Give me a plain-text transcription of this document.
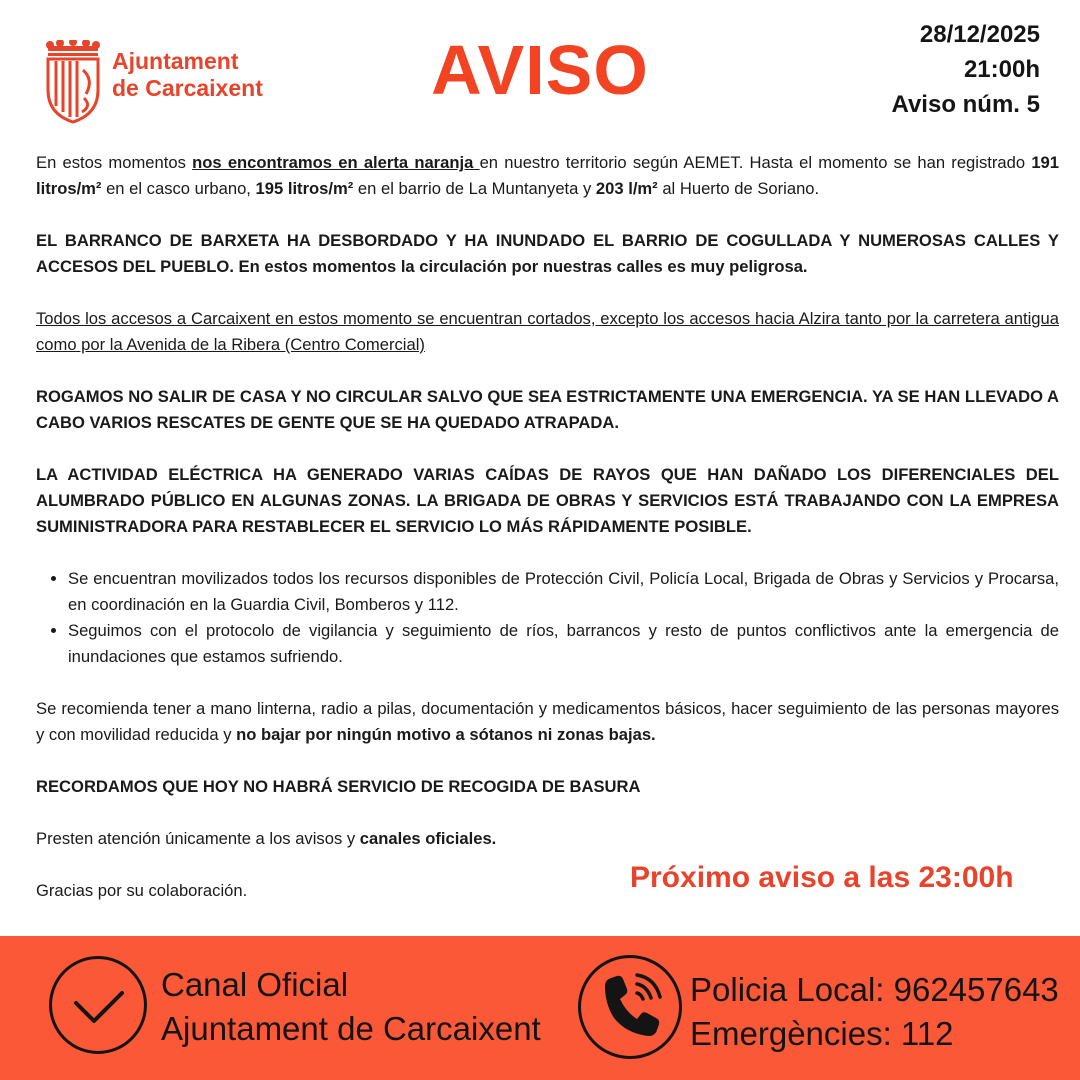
Ajuntament
de Carcaixent	AVISO	28/12/2025
21:00h
Aviso núm. 5

En estos momentos nos encontramos en alerta naranja en nuestro territorio según AEMET. Hasta el momento se han registrado 191 litros/m² en el casco urbano, 195 litros/m² en el barrio de La Muntanyeta y 203 l/m² al Huerto de Soriano.

EL BARRANCO DE BARXETA HA DESBORDADO Y HA INUNDADO EL BARRIO DE COGULLADA Y NUMEROSAS CALLES Y ACCESOS DEL PUEBLO. En estos momentos la circulación por nuestras calles es muy peligrosa.

Todos los accesos a Carcaixent en estos momento se encuentran cortados, excepto los accesos hacia Alzira tanto por la carretera antigua como por la Avenida de la Ribera (Centro Comercial)

ROGAMOS NO SALIR DE CASA Y NO CIRCULAR SALVO QUE SEA ESTRICTAMENTE UNA EMERGENCIA. YA SE HAN LLEVADO A CABO VARIOS RESCATES DE GENTE QUE SE HA QUEDADO ATRAPADA.

LA ACTIVIDAD ELÉCTRICA HA GENERADO VARIAS CAÍDAS DE RAYOS QUE HAN DAÑADO LOS DIFERENCIALES DEL ALUMBRADO PÚBLICO EN ALGUNAS ZONAS. LA BRIGADA DE OBRAS Y SERVICIOS ESTÁ TRABAJANDO CON LA EMPRESA SUMINISTRADORA PARA RESTABLECER EL SERVICIO LO MÁS RÁPIDAMENTE POSIBLE.

• Se encuentran movilizados todos los recursos disponibles de Protección Civil, Policía Local, Brigada de Obras y Servicios y Procarsa, en coordinación en la Guardia Civil, Bomberos y 112.
• Seguimos con el protocolo de vigilancia y seguimiento de ríos, barrancos y resto de puntos conflictivos ante la emergencia de inundaciones que estamos sufriendo.

Se recomienda tener a mano linterna, radio a pilas, documentación y medicamentos básicos, hacer seguimiento de las personas mayores y con movilidad reducida y no bajar por ningún motivo a sótanos ni zonas bajas.

RECORDAMOS QUE HOY NO HABRÁ SERVICIO DE RECOGIDA DE BASURA

Presten atención únicamente a los avisos y canales oficiales.

Gracias por su colaboración.	Próximo aviso a las 23:00h
Canal Oficial
Ajuntament de Carcaixent
Policia Local: 962457643
Emergències: 112
